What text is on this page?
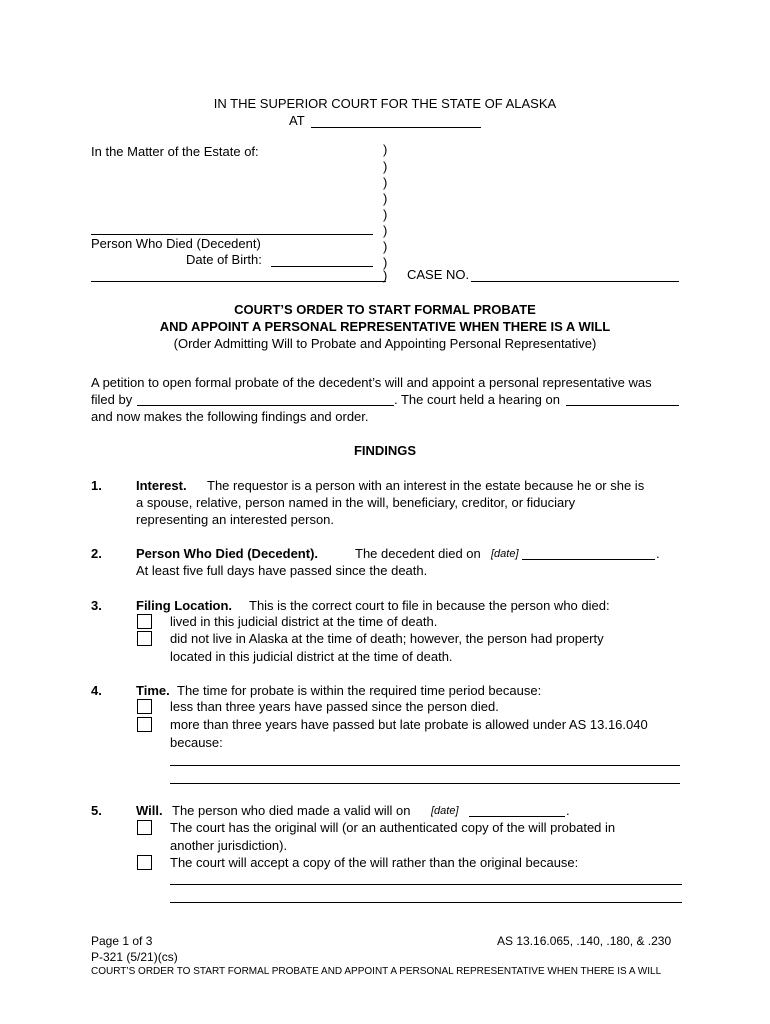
IN THE SUPERIOR COURT FOR THE STATE OF ALASKA
AT
In the Matter of the Estate of:	)
)
)
)
)
)
)
)
)
Person Who Died (Decedent)
Date of Birth:
CASE NO.
COURT’S ORDER TO START FORMAL PROBATE
AND APPOINT A PERSONAL REPRESENTATIVE WHEN THERE IS A WILL
(Order Admitting Will to Probate and Appointing Personal Representative)
A petition to open formal probate of the decedent’s will and appoint a personal representative was
filed by	. The court held a hearing on
and now makes the following findings and order.
FINDINGS
1.	Interest. The requestor is a person with an interest in the estate because he or she is
a spouse, relative, person named in the will, beneficiary, creditor, or fiduciary
representing an interested person.
2.	Person Who Died (Decedent).	The decedent died on [date]	.
At least five full days have passed since the death.
3.	Filing Location. This is the correct court to file in because the person who died:
lived in this judicial district at the time of death.
did not live in Alaska at the time of death; however, the person had property
located in this judicial district at the time of death.
4.	Time. The time for probate is within the required time period because:
less than three years have passed since the person died.
more than three years have passed but late probate is allowed under AS 13.16.040
because:
5.	Will. The person who died made a valid will on [date]	.
The court has the original will (or an authenticated copy of the will probated in
another jurisdiction).
The court will accept a copy of the will rather than the original because:
Page 1 of 3	AS 13.16.065, .140, .180, & .230
P-321 (5/21)(cs)
COURT’S ORDER TO START FORMAL PROBATE AND APPOINT A PERSONAL REPRESENTATIVE WHEN THERE IS A WILL
